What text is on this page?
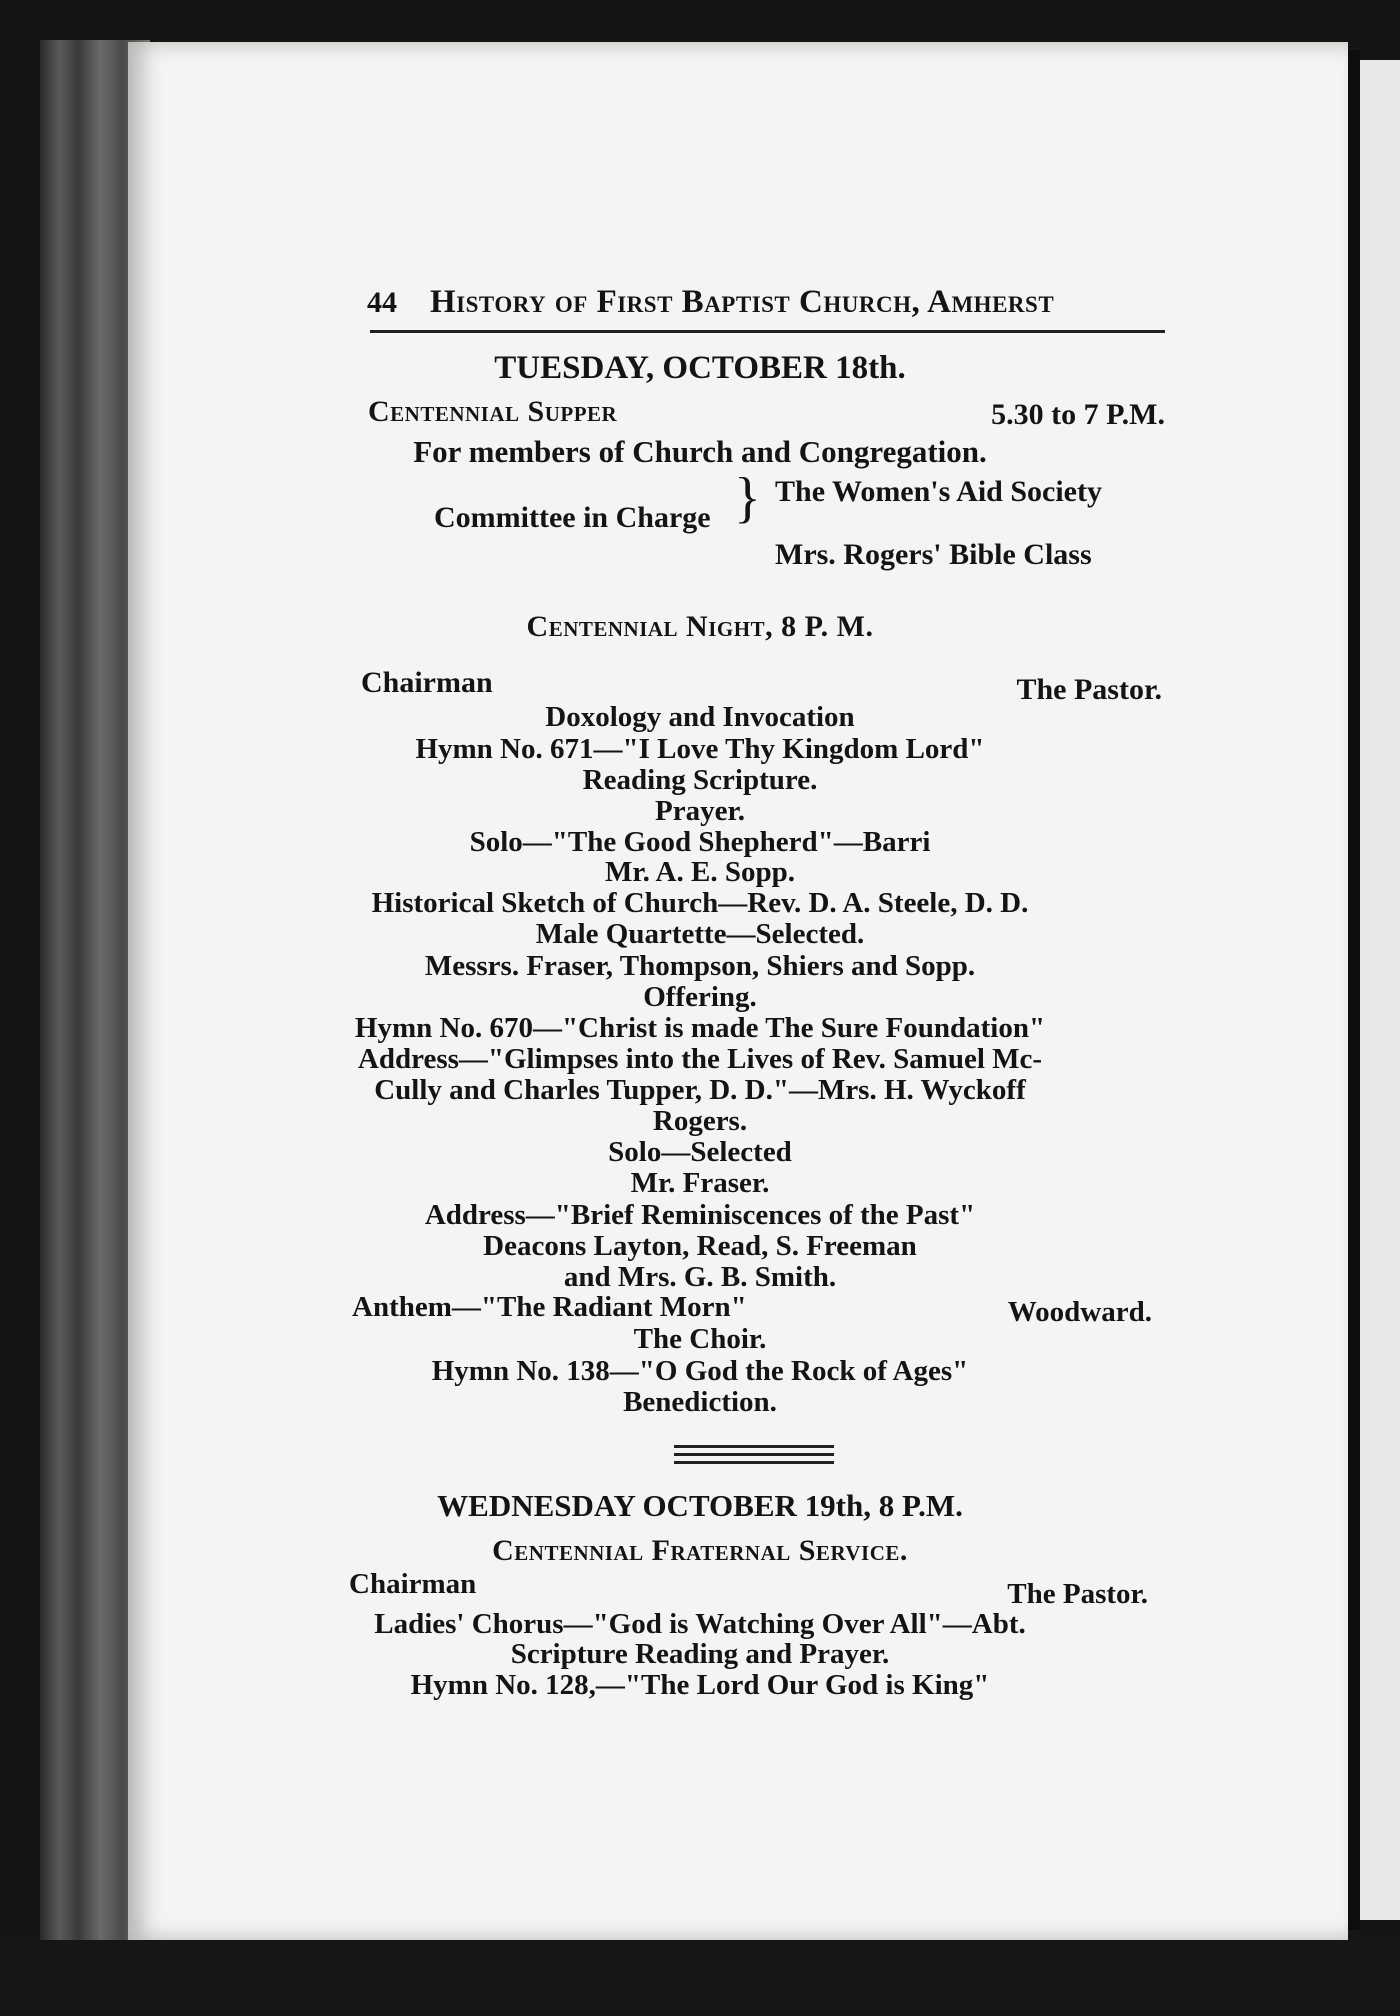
44 History of First Baptist Church, Amherst
TUESDAY, OCTOBER 18th.
Centennial Supper	5.30 to 7 P.M.
For members of Church and Congregation.
Committee in Charge } The Women's Aid Society
Mrs. Rogers' Bible Class
Centennial Night, 8 P. M.
Chairman	The Pastor.
Doxology and Invocation
Hymn No. 671—"I Love Thy Kingdom Lord"
Reading Scripture.
Prayer.
Solo—"The Good Shepherd"—Barri
Mr. A. E. Sopp.
Historical Sketch of Church—Rev. D. A. Steele, D. D.
Male Quartette—Selected.
Messrs. Fraser, Thompson, Shiers and Sopp.
Offering.
Hymn No. 670—"Christ is made The Sure Foundation"
Address—"Glimpses into the Lives of Rev. Samuel Mc-
Cully and Charles Tupper, D. D."—Mrs. H. Wyckoff
Rogers.
Solo—Selected
Mr. Fraser.
Address—"Brief Reminiscences of the Past"
Deacons Layton, Read, S. Freeman
and Mrs. G. B. Smith.
Anthem—"The Radiant Morn"	Woodward.
The Choir.
Hymn No. 138—"O God the Rock of Ages"
Benediction.
WEDNESDAY OCTOBER 19th, 8 P.M.
Centennial Fraternal Service.
Chairman	The Pastor.
Ladies' Chorus—"God is Watching Over All"—Abt.
Scripture Reading and Prayer.
Hymn No. 128,—"The Lord Our God is King"
